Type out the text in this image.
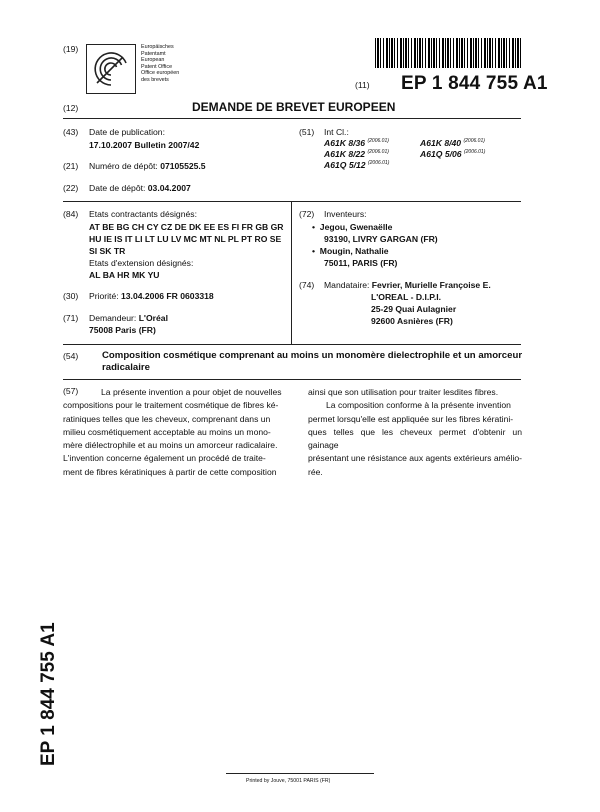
(19)	Europäisches
Patentamt
European
Patent Office
Office européen
des brevets
(11) EP 1 844 755 A1
(12)	DEMANDE DE BREVET EUROPEEN
(43) Date de publication:
17.10.2007 Bulletin 2007/42
(21) Numéro de dépôt: 07105525.5
(22) Date de dépôt: 03.04.2007
(51) Int Cl.:
A61K 8/36 $^{(2006.01)}$	A61K 8/40 $^{(2006.01)}$
A61K 8/22 $^{(2006.01)}$	A61Q 5/06 $^{(2006.01)}$
A61Q 5/12 $^{(2006.01)}$
(84) Etats contractants désignés:
AT BE BG CH CY CZ DE DK EE ES FI FR GB GR
HU IE IS IT LI LT LU LV MC MT NL PL PT RO SE
SI SK TR
Etats d'extension désignés:
AL BA HR MK YU
(30) Priorité: 13.04.2006 FR 0603318
(71) Demandeur: L'Oréal
75008 Paris (FR)
(72) Inventeurs:
• Jegou, Gwenaëlle
93190, LIVRY GARGAN (FR)
• Mougin, Nathalie
75011, PARIS (FR)
(74) Mandataire: Fevrier, Murielle Françoise E.
L'OREAL - D.I.P.I.
25-29 Quai Aulagnier
92600 Asnières (FR)
(54) Composition cosmétique comprenant au moins un monomère dielectrophile et un amorceur
radicalaire
(57)	La présente invention a pour objet de nouvelles
compositions pour le traitement cosmétique de fibres ké-
ratiniques telles que les cheveux, comprenant dans un
milieu cosmétiquement acceptable au moins un mono-
mère diélectrophile et au moins un amorceur radicalaire.
L'invention concerne également un procédé de traite-
ment de fibres kératiniques à partir de cette composition
ainsi que son utilisation pour traiter lesdites fibres.
La composition conforme à la présente invention
permet lorsqu'elle est appliquée sur les fibres kératini-
ques telles que les cheveux permet d'obtenir un gainage
présentant une résistance aux agents extérieurs amélio-
rée.
EP 1 844 755 A1
Printed by Jouve, 75001 PARIS (FR)
